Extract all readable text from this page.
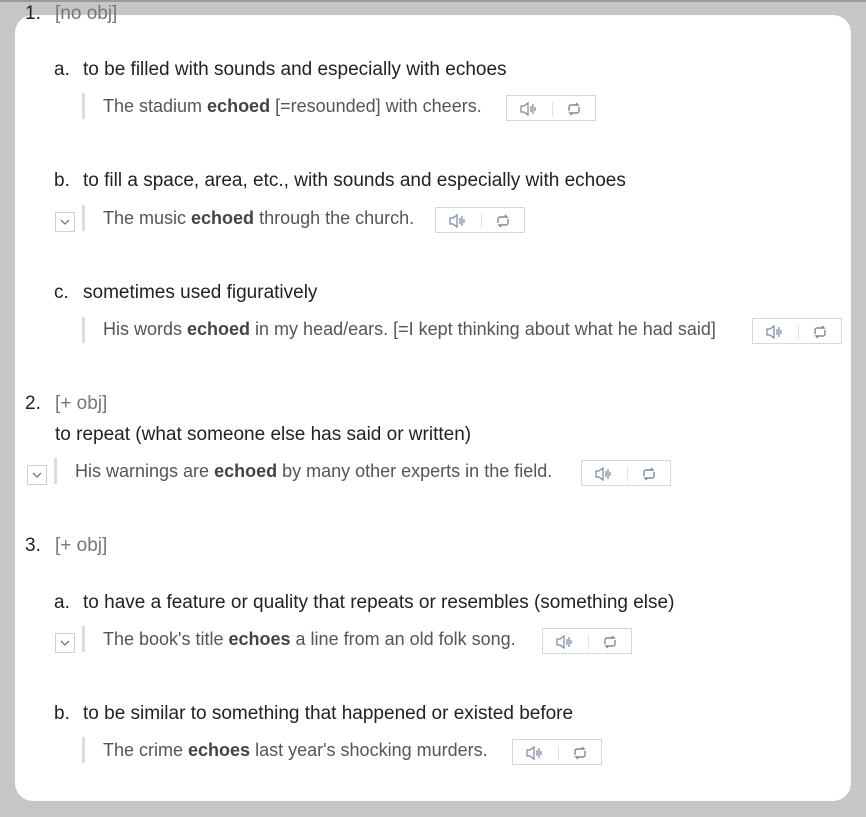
1. [no obj]
a. to be filled with sounds and especially with echoes
The stadium echoed [=resounded] with cheers.
b. to fill a space, area, etc., with sounds and especially with echoes
The music echoed through the church.
c. sometimes used figuratively
His words echoed in my head/ears. [=I kept thinking about what he had said]
2. [+ obj]
to repeat (what someone else has said or written)
His warnings are echoed by many other experts in the field.
3. [+ obj]
a. to have a feature or quality that repeats or resembles (something else)
The book's title echoes a line from an old folk song.
b. to be similar to something that happened or existed before
The crime echoes last year's shocking murders.
